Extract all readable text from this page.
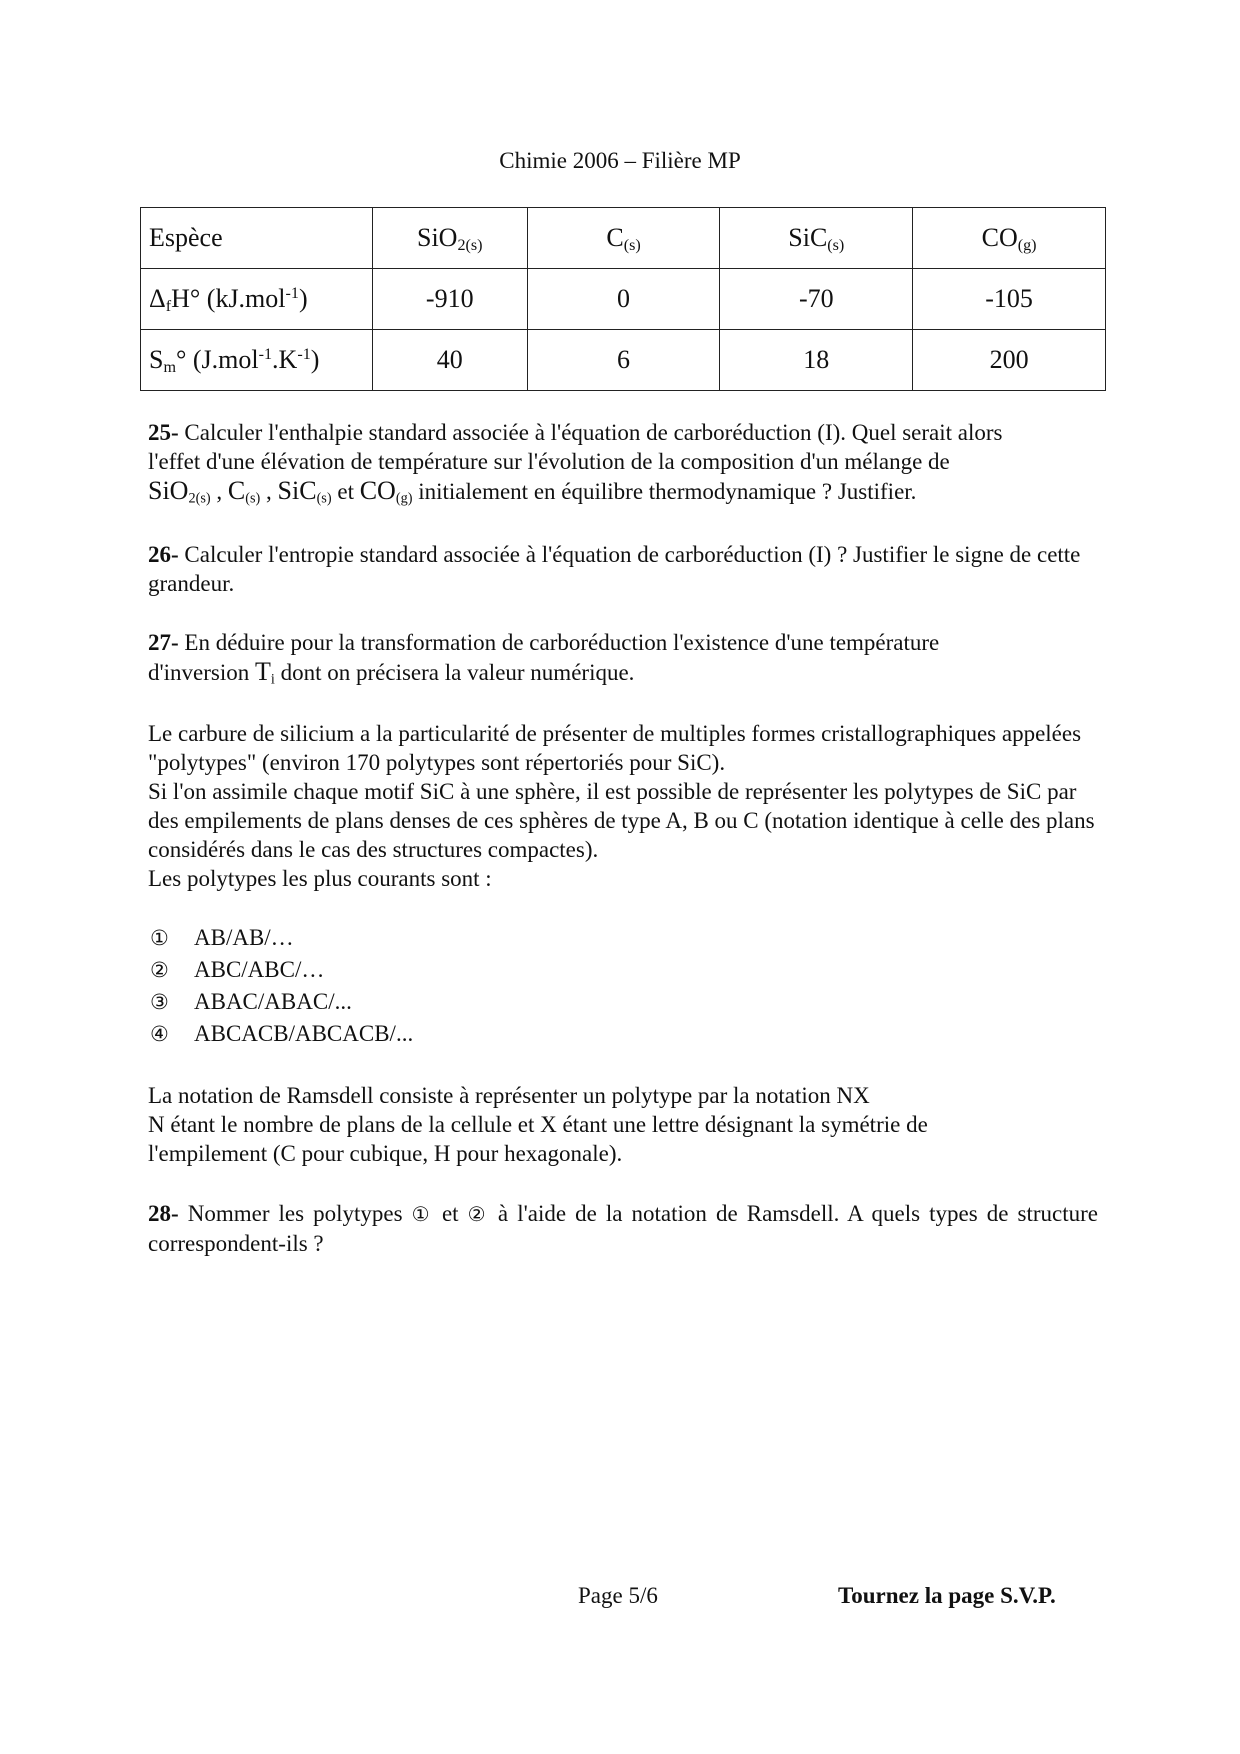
Chimie 2006 – Filière MP
Espèce	SiO$_{2(s)}$	$C_{(s)}$	SiC$_{(s)}$	$CO_{(g)}$
$\Delta_fH^\circ$ (kJ.mol$^{-1}$)	-910	0	-70	-105
$S_m^\circ$ $(J.mol^{-1}.K^{-1})$	40	6	18	200
25- Calculer l'enthalpie standard associée à l'équation de carboréduction (I). Quel serait alors
l'effet d'une élévation de température sur l'évolution de la composition d'un mélange de
SiO$_{2(s)}$ , $C_{(s)}$ , SiC$_{(s)}$ et $CO_{(g)}$ initialement en équilibre thermodynamique ? Justifier.
26- Calculer l'entropie standard associée à l'équation de carboréduction (I) ? Justifier le signe de cette grandeur.
27- En déduire pour la transformation de carboréduction l'existence d'une température
d'inversion $T_i$ dont on précisera la valeur numérique.
Le carbure de silicium a la particularité de présenter de multiples formes cristallographiques appelées "polytypes" (environ 170 polytypes sont répertoriés pour SiC).
Si l'on assimile chaque motif SiC à une sphère, il est possible de représenter les polytypes de SiC par des empilements de plans denses de ces sphères de type A, B ou C (notation identique à celle des plans considérés dans le cas des structures compactes).
Les polytypes les plus courants sont :
①	AB/AB/…
②	ABC/ABC/…
③	ABAC/ABAC/...
④	ABCACB/ABCACB/...
La notation de Ramsdell consiste à représenter un polytype par la notation NX
N étant le nombre de plans de la cellule et X étant une lettre désignant la symétrie de
l'empilement (C pour cubique, H pour hexagonale).
28- Nommer les polytypes ① et ② à l'aide de la notation de Ramsdell. A quels types de structure correspondent-ils ?
Page 5/6	Tournez la page S.V.P.
